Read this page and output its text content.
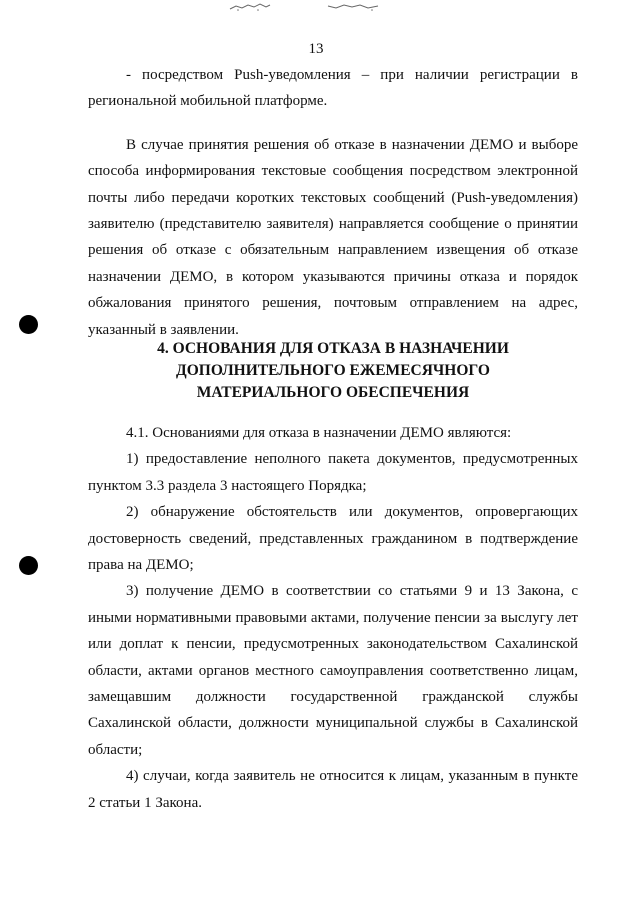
13
- посредством Push-уведомления – при наличии регистрации в региональной мобильной платформе.
В случае принятия решения об отказе в назначении ДЕМО и выборе способа информирования текстовые сообщения посредством электронной почты либо передачи коротких текстовых сообщений (Push-уведомления) заявителю (представителю заявителя) направляется сообщение о принятии решения об отказе с обязательным направлением извещения об отказе назначении ДЕМО, в котором указываются причины отказа и порядок обжалования принятого решения, почтовым отправлением на адрес, указанный в заявлении.
4. ОСНОВАНИЯ ДЛЯ ОТКАЗА В НАЗНАЧЕНИИ
ДОПОЛНИТЕЛЬНОГО ЕЖЕМЕСЯЧНОГО
МАТЕРИАЛЬНОГО ОБЕСПЕЧЕНИЯ
4.1. Основаниями для отказа в назначении ДЕМО являются:
1) предоставление неполного пакета документов, предусмотренных пунктом 3.3 раздела 3 настоящего Порядка;
2) обнаружение обстоятельств или документов, опровергающих достоверность сведений, представленных гражданином в подтверждение права на ДЕМО;
3) получение ДЕМО в соответствии со статьями 9 и 13 Закона, с иными нормативными правовыми актами, получение пенсии за выслугу лет или доплат к пенсии, предусмотренных законодательством Сахалинской области, актами органов местного самоуправления соответственно лицам, замещавшим должности государственной гражданской службы Сахалинской области, должности муниципальной службы в Сахалинской области;
4) случаи, когда заявитель не относится к лицам, указанным в пункте 2 статьи 1 Закона.
